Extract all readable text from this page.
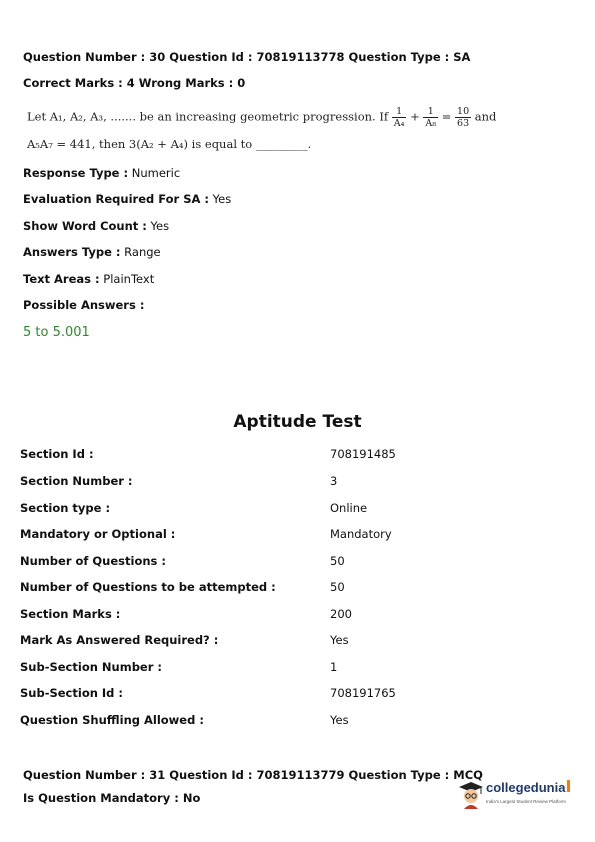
Question Number : 30 Question Id : 70819113778 Question Type : SA
Correct Marks : 4 Wrong Marks : 0
Let A₁, A₂, A₃, ....... be an increasing geometric progression. If $\frac{1}{\text{A₄}} + \frac{1}{\text{A₈}} = \frac{10}{63}$ and
A₅A₇ = 441, then 3(A₂ + A₄) is equal to _________.
Response Type : Numeric
Evaluation Required For SA : Yes
Show Word Count : Yes
Answers Type : Range
Text Areas : PlainText
Possible Answers :
5 to 5.001
Aptitude Test
Section Id :	708191485
Section Number :	3
Section type :	Online
Mandatory or Optional :	Mandatory
Number of Questions :	50
Number of Questions to be attempted :	50
Section Marks :	200
Mark As Answered Required? :	Yes
Sub-Section Number :	1
Sub-Section Id :	708191765
Question Shuffling Allowed :	Yes
Question Number : 31 Question Id : 70819113779 Question Type : MCQ
Is Question Mandatory : No
collegedunia
India's Largest Student Review Platform
